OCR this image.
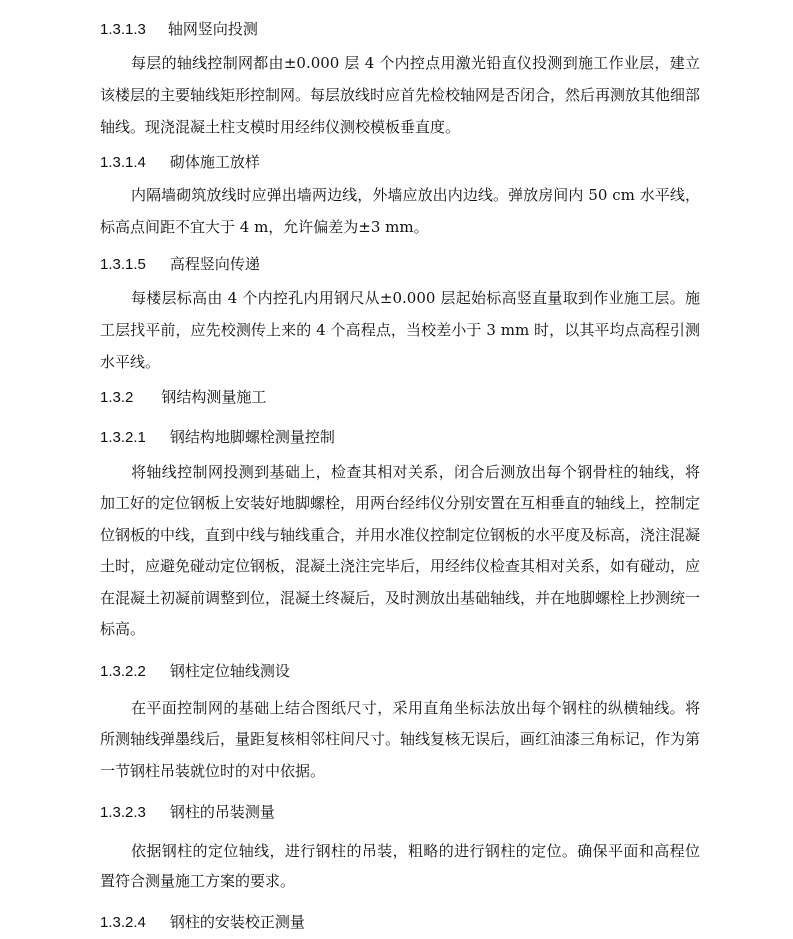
1.3.1.3 轴网竖向投测

每层的轴线控制网都由±0.000 层 4 个内控点用激光铅直仪投测到施工作业层，建立该楼层的主要轴线矩形控制网。每层放线时应首先检校轴网是否闭合，然后再测放其他细部轴线。现浇混凝土柱支模时用经纬仪测校模板垂直度。

1.3.1.4 砌体施工放样

内隔墙砌筑放线时应弹出墙两边线，外墙应放出内边线。弹放房间内 50 cm 水平线，标高点间距不宜大于 4 m，允许偏差为±3 mm。

1.3.1.5 高程竖向传递

每楼层标高由 4 个内控孔内用钢尺从±0.000 层起始标高竖直量取到作业施工层。施工层找平前，应先校测传上来的 4 个高程点，当校差小于 3 mm 时，以其平均点高程引测水平线。

1.3.2 钢结构测量施工
1.3.2.1 钢结构地脚螺栓测量控制

将轴线控制网投测到基础上，检查其相对关系，闭合后测放出每个钢骨柱的轴线，将加工好的定位钢板上安装好地脚螺栓，用两台经纬仪分别安置在互相垂直的轴线上，控制定位钢板的中线，直到中线与轴线重合，并用水准仪控制定位钢板的水平度及标高，浇注混凝土时，应避免碰动定位钢板，混凝土浇注完毕后，用经纬仪检查其相对关系，如有碰动，应在混凝土初凝前调整到位，混凝土终凝后，及时测放出基础轴线，并在地脚螺栓上抄测统一标高。

1.3.2.2 钢柱定位轴线测设

在平面控制网的基础上结合图纸尺寸，采用直角坐标法放出每个钢柱的纵横轴线。将所测轴线弹墨线后，量距复核相邻柱间尺寸。轴线复核无误后，画红油漆三角标记，作为第一节钢柱吊装就位时的对中依据。

1.3.2.3 钢柱的吊装测量

依据钢柱的定位轴线，进行钢柱的吊装，粗略的进行钢柱的定位。确保平面和高程位置符合测量施工方案的要求。

1.3.2.4 钢柱的安装校正测量
